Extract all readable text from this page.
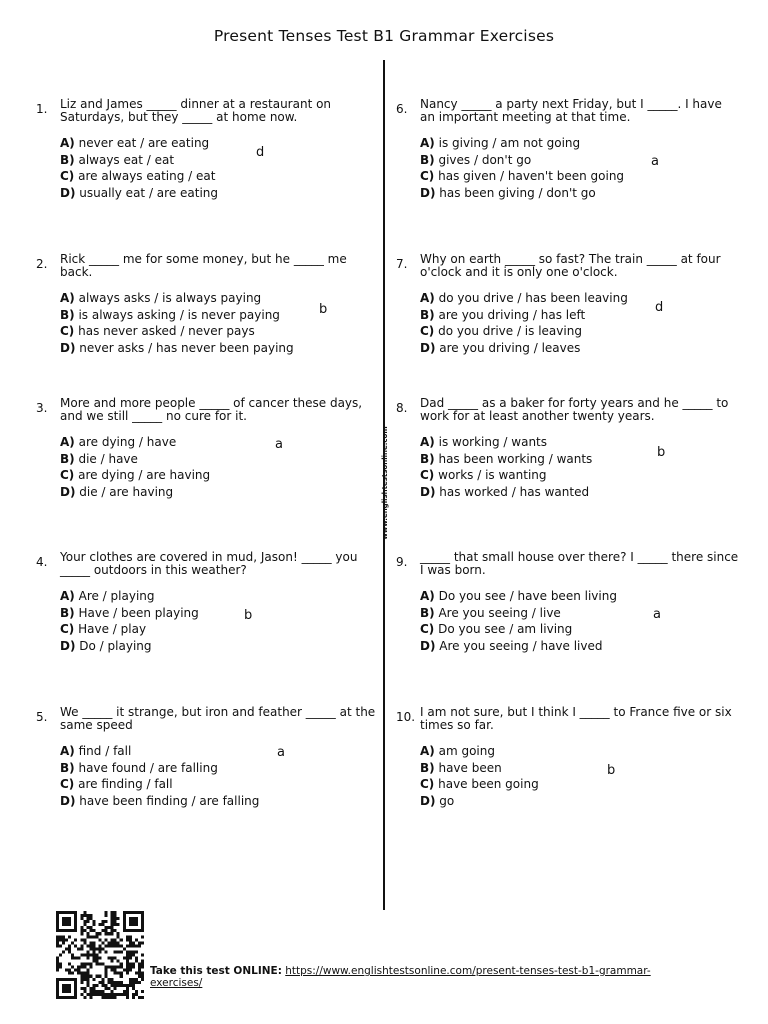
Present Tenses Test B1 Grammar Exercises
www.englishtestsonline.com
1. Liz and James _____ dinner at a restaurant on Saturdays, but they _____ at home now.

A) never eat / are eating
B) always eat / eat
C) are always eating / eat
D) usually eat / are eating
d
2. Rick _____ me for some money, but he _____ me back.

A) always asks / is always paying
B) is always asking / is never paying
C) has never asked / never pays
D) never asks / has never been paying
b
3. More and more people _____ of cancer these days, and we still _____ no cure for it.

A) are dying / have
B) die / have
C) are dying / are having
D) die / are having
a
4. Your clothes are covered in mud, Jason! _____ you _____ outdoors in this weather?

A) Are / playing
B) Have / been playing
C) Have / play
D) Do / playing
b
5. We _____ it strange, but iron and feather _____ at the same speed

A) find / fall
B) have found / are falling
C) are finding / fall
D) have been finding / are falling
a
6. Nancy _____ a party next Friday, but I _____. I have an important meeting at that time.

A) is giving / am not going
B) gives / don't go
C) has given / haven't been going
D) has been giving / don't go
a
7. Why on earth _____ so fast? The train _____ at four o'clock and it is only one o'clock.

A) do you drive / has been leaving
B) are you driving / has left
C) do you drive / is leaving
D) are you driving / leaves
d
8. Dad _____ as a baker for forty years and he _____ to work for at least another twenty years.

A) is working / wants
B) has been working / wants
C) works / is wanting
D) has worked / has wanted
b
9. _____ that small house over there? I _____ there since I was born.

A) Do you see / have been living
B) Are you seeing / live
C) Do you see / am living
D) Are you seeing / have lived
a
10. I am not sure, but I think I _____ to France five or six times so far.

A) am going
B) have been
C) have been going
D) go
b
Take this test ONLINE: https://www.englishtestsonline.com/present-tenses-test-b1-grammar-exercises/
